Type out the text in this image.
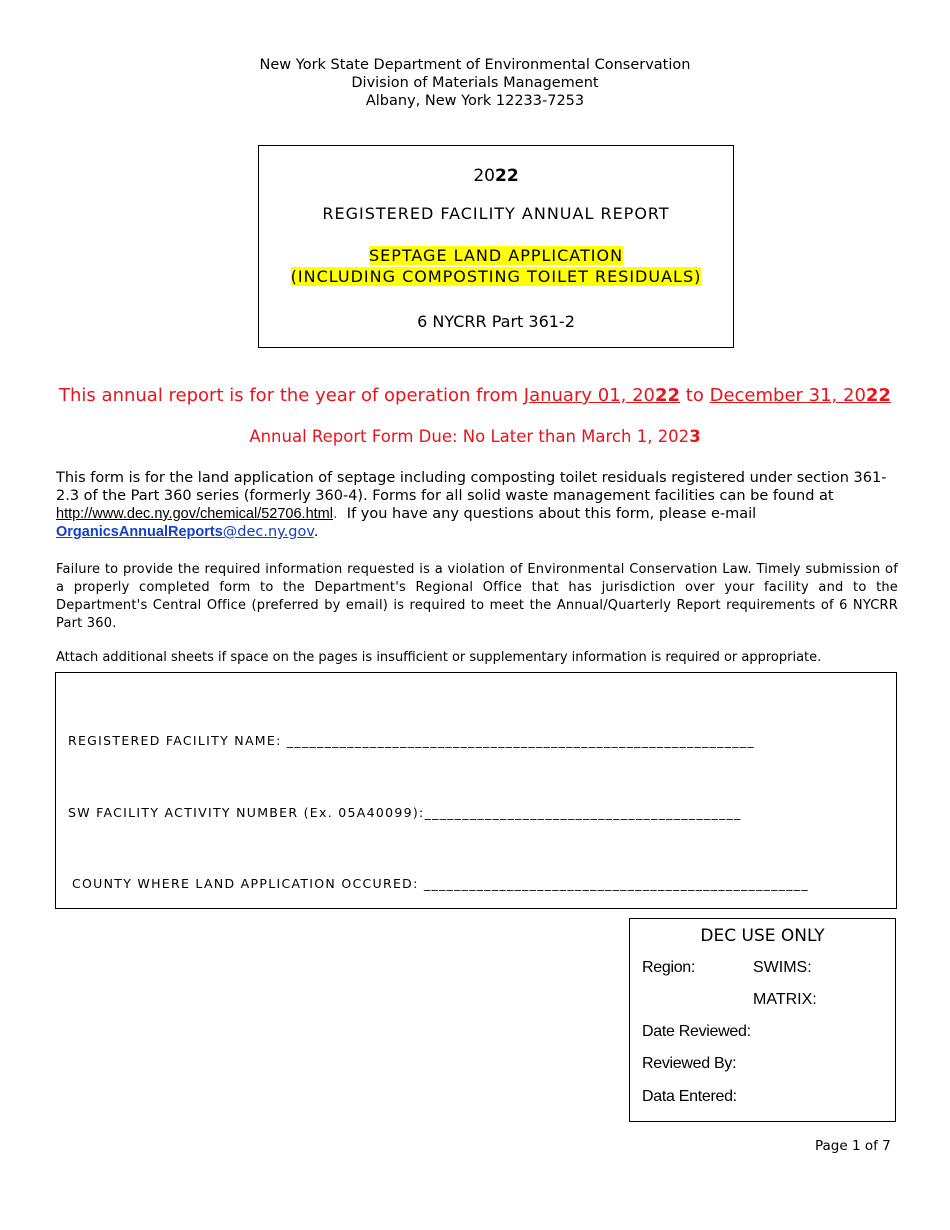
New York State Department of Environmental Conservation
Division of Materials Management
Albany, New York 12233-7253
2022
REGISTERED FACILITY ANNUAL REPORT
SEPTAGE LAND APPLICATION
(INCLUDING COMPOSTING TOILET RESIDUALS)
6 NYCRR Part 361-2
This annual report is for the year of operation from January 01, 2022 to December 31, 2022
Annual Report Form Due: No Later than March 1, 2023

This form is for the land application of septage including composting toilet residuals registered under section 361-2.3 of the Part 360 series (formerly 360-4). Forms for all solid waste management facilities can be found at
http://www.dec.ny.gov/chemical/52706.html.  If you have any questions about this form, please e-mail
OrganicsAnnualReports@dec.ny.gov.

Failure to provide the required information requested is a violation of Environmental Conservation Law. Timely submission of a properly completed form to the Department's Regional Office that has jurisdiction over your facility and to the Department's Central Office (preferred by email) is required to meet the Annual/Quarterly Report requirements of 6 NYCRR Part 360.
Attach additional sheets if space on the pages is insufficient or supplementary information is required or appropriate.
REGISTERED FACILITY NAME: ______________________________________________________________
SW FACILITY ACTIVITY NUMBER (Ex. 05A40099):__________________________________________
COUNTY WHERE LAND APPLICATION OCCURED: ___________________________________________________
DEC USE ONLY
Region:	SWIMS:
MATRIX:
Date Reviewed:
Reviewed By:
Data Entered:
Page 1 of 7
